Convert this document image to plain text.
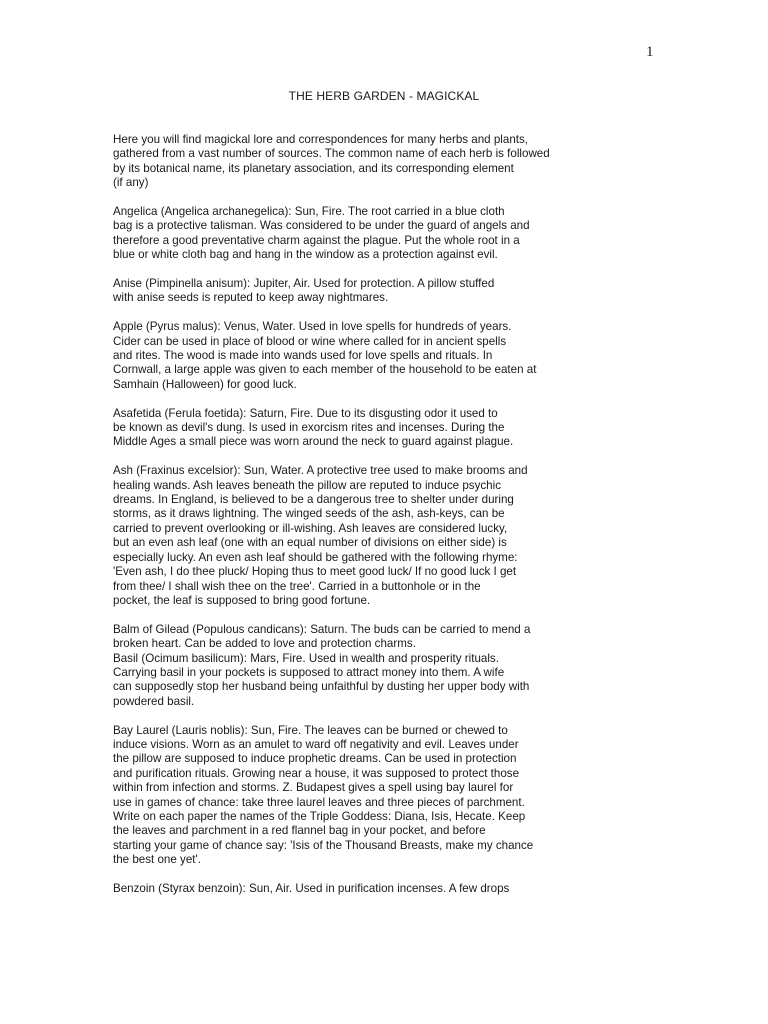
1
THE HERB GARDEN - MAGICKAL
Here you will find magickal lore and correspondences for many herbs and plants,
gathered from a vast number of sources. The common name of each herb is followed
by its botanical name, its planetary association, and its corresponding element
(if any)
Angelica (Angelica archanegelica): Sun, Fire. The root carried in a blue cloth
bag is a protective talisman. Was considered to be under the guard of angels and
therefore a good preventative charm against the plague. Put the whole root in a
blue or white cloth bag and hang in the window as a protection against evil.
Anise (Pimpinella anisum): Jupiter, Air. Used for protection. A pillow stuffed
with anise seeds is reputed to keep away nightmares.
Apple (Pyrus malus): Venus, Water. Used in love spells for hundreds of years.
Cider can be used in place of blood or wine where called for in ancient spells
and rites. The wood is made into wands used for love spells and rituals. In
Cornwall, a large apple was given to each member of the household to be eaten at
Samhain (Halloween) for good luck.
Asafetida (Ferula foetida): Saturn, Fire. Due to its disgusting odor it used to
be known as devil's dung. Is used in exorcism rites and incenses. During the
Middle Ages a small piece was worn around the neck to guard against plague.
Ash (Fraxinus excelsior): Sun, Water. A protective tree used to make brooms and
healing wands. Ash leaves beneath the pillow are reputed to induce psychic
dreams. In England, is believed to be a dangerous tree to shelter under during
storms, as it draws lightning. The winged seeds of the ash, ash-keys, can be
carried to prevent overlooking or ill-wishing. Ash leaves are considered lucky,
but an even ash leaf (one with an equal number of divisions on either side) is
especially lucky. An even ash leaf should be gathered with the following rhyme:
'Even ash, I do thee pluck/ Hoping thus to meet good luck/ If no good luck I get
from thee/ I shall wish thee on the tree'. Carried in a buttonhole or in the
pocket, the leaf is supposed to bring good fortune.
Balm of Gilead (Populous candicans): Saturn. The buds can be carried to mend a
broken heart. Can be added to love and protection charms.
Basil (Ocimum basilicum): Mars, Fire. Used in wealth and prosperity rituals.
Carrying basil in your pockets is supposed to attract money into them. A wife
can supposedly stop her husband being unfaithful by dusting her upper body with
powdered basil.
Bay Laurel (Lauris noblis): Sun, Fire. The leaves can be burned or chewed to
induce visions. Worn as an amulet to ward off negativity and evil. Leaves under
the pillow are supposed to induce prophetic dreams. Can be used in protection
and purification rituals. Growing near a house, it was supposed to protect those
within from infection and storms. Z. Budapest gives a spell using bay laurel for
use in games of chance: take three laurel leaves and three pieces of parchment.
Write on each paper the names of the Triple Goddess: Diana, Isis, Hecate. Keep
the leaves and parchment in a red flannel bag in your pocket, and before
starting your game of chance say: 'Isis of the Thousand Breasts, make my chance
the best one yet'.
Benzoin (Styrax benzoin): Sun, Air. Used in purification incenses. A few drops
